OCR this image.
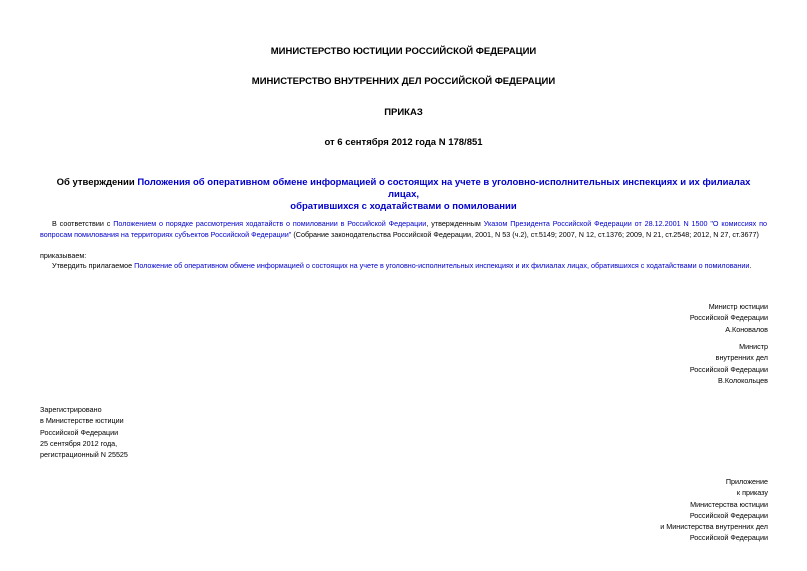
МИНИСТЕРСТВО ЮСТИЦИИ РОССИЙСКОЙ ФЕДЕРАЦИИ

МИНИСТЕРСТВО ВНУТРЕННИХ ДЕЛ РОССИЙСКОЙ ФЕДЕРАЦИИ

ПРИКАЗ

от 6 сентября 2012 года N 178/851

Об утверждении Положения об оперативном обмене информацией о состоящих на учете в уголовно-исполнительных инспекциях и их филиалах лицах,
обратившихся с ходатайствами о помиловании

В соответствии с Положением о порядке рассмотрения ходатайств о помиловании в Российской Федерации, утвержденным Указом Президента Российской Федерации от 28.12.2001 N 1500 "О комиссиях по вопросам помилования на территориях субъектов Российской Федерации" (Собрание законодательства Российской Федерации, 2001, N 53 (ч.2), ст.5149; 2007, N 12, ст.1376; 2009, N 21, ст.2548; 2012, N 27, ст.3677)

приказываем:

Утвердить прилагаемое Положение об оперативном обмене информацией о состоящих на учете в уголовно-исполнительных инспекциях и их филиалах лицах, обратившихся с ходатайствами о помиловании.

Министр юстиции
Российской Федерации
А.Коновалов
Министр
внутренних дел
Российской Федерации
В.Колокольцев
Зарегистрировано
в Министерстве юстиции
Российской Федерации
25 сентября 2012 года,
регистрационный N 25525
Приложение
к приказу
Министерства юстиции
Российской Федерации
и Министерства внутренних дел
Российской Федерации
